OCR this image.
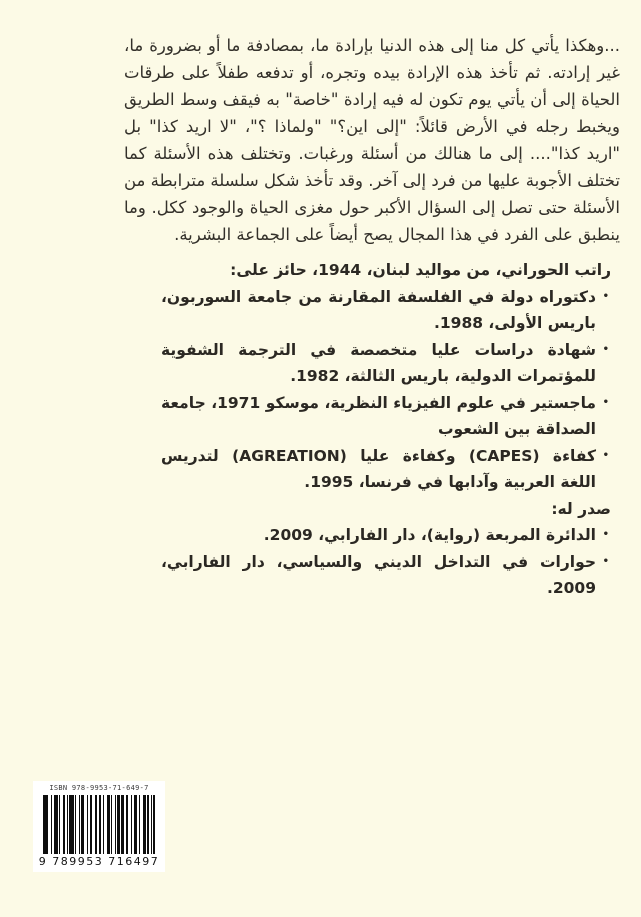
...وهكذا يأتي كل منا إلى هذه الدنيا بإرادة ما، بمصادفة ما أو بضرورة ما، غير إرادته. ثم تأخذ هذه الإرادة بيده وتجره، أو تدفعه طفلاً على طرقات الحياة إلى أن يأتي يوم تكون له فيه إرادة "خاصة" به فيقف وسط الطريق ويخبط رجله في الأرض قائلاً: "إلى اين؟" "ولماذا ؟"، "لا اريد كذا" بل "اريد كذا".... إلى ما هنالك من أسئلة ورغبات. وتختلف هذه الأسئلة كما تختلف الأجوبة عليها من فرد إلى آخر. وقد تأخذ شكل سلسلة مترابطة من الأسئلة حتى تصل إلى السؤال الأكبر حول مغزى الحياة والوجود ككل. وما ينطبق على الفرد في هذا المجال يصح أيضاً على الجماعة البشرية.

راتب الحوراني، من مواليد لبنان، 1944، حائز على:

•
دكتوراه دولة في الفلسفة المقارنة من جامعة السوربون، باريس الأولى، 1988.
•
شهادة دراسات عليا متخصصة في الترجمة الشفوية للمؤتمرات الدولية، باريس الثالثة، 1982.
•
ماجستير في علوم الفيزياء النظرية، موسكو 1971، جامعة الصداقة بين الشعوب
•
كفاءة (CAPES) وكفاءة عليا (AGREATION) لتدريس اللغة العربية وآدابها في فرنسا، 1995.

صدر له:

•
الدائرة المربعة (رواية)، دار الفارابي، 2009.
•
حوارات في التداخل الديني والسياسي، دار الفارابي، 2009.
ISBN 978-9953-71-649-7
9 789953 716497
